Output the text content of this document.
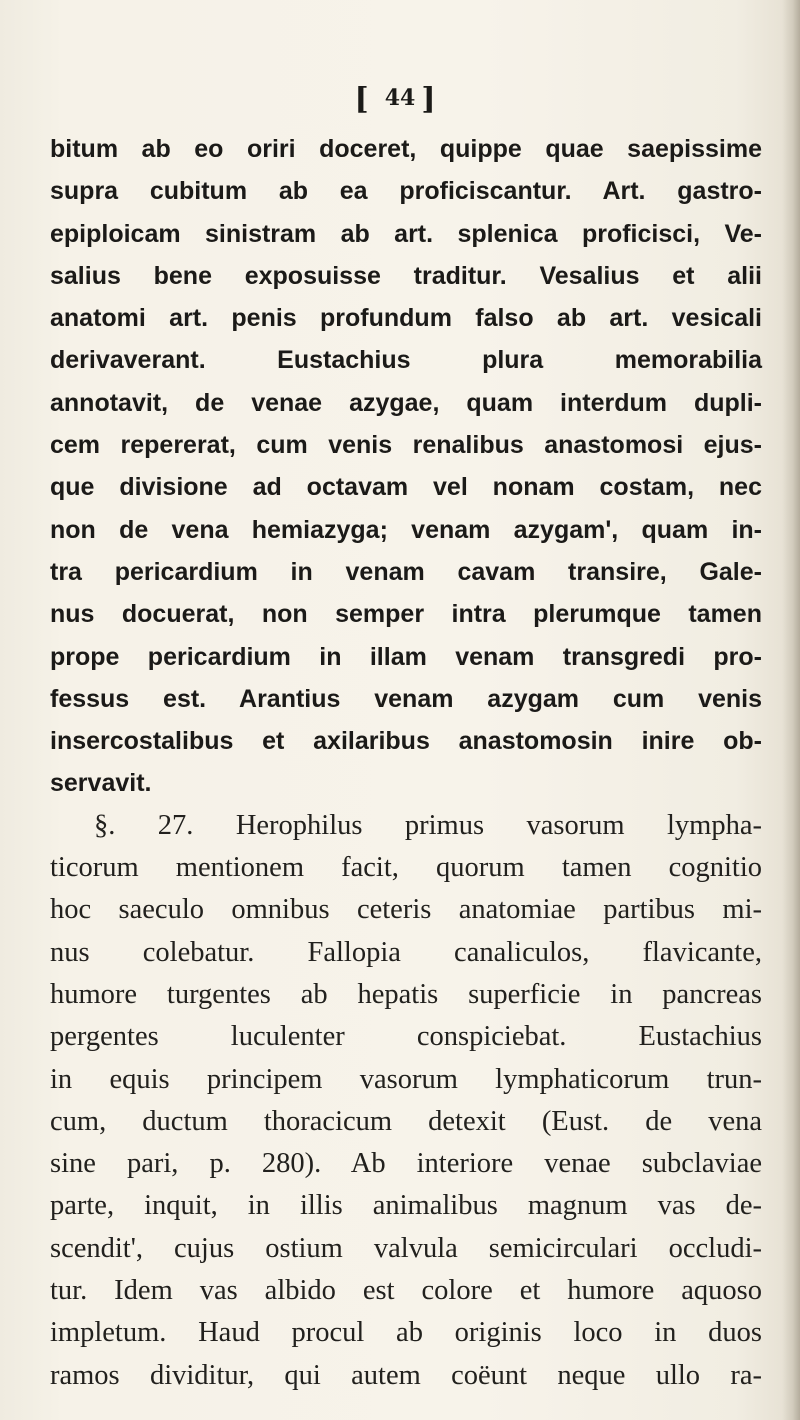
[ 44 ]
bitum ab eo oriri doceret, quippe quae saepissime
supra cubitum ab ea proficiscantur. Art. gastro-
epiploicam sinistram ab art. splenica proficisci, Ve-
salius bene exposuisse traditur. Vesalius et alii
anatomi art. penis profundum falso ab art. vesicali
derivaverant. Eustachius plura memorabilia
annotavit, de venae azygae, quam interdum dupli-
cem repererat, cum venis renalibus anastomosi ejus-
que divisione ad octavam vel nonam costam, nec
non de vena hemiazyga; venam azygam', quam in-
tra pericardium in venam cavam transire, Gale-
nus docuerat, non semper intra plerumque tamen
prope pericardium in illam venam transgredi pro-
fessus est. Arantius venam azygam cum venis
insercostalibus et axilaribus anastomosin inire ob-
servavit.
§. 27. Herophilus primus vasorum lympha-
ticorum mentionem facit, quorum tamen cognitio
hoc saeculo omnibus ceteris anatomiae partibus mi-
nus colebatur. Fallopia canaliculos, flavicante,
humore turgentes ab hepatis superficie in pancreas
pergentes luculenter conspiciebat. Eustachius
in equis principem vasorum lymphaticorum trun-
cum, ductum thoracicum detexit (Eust. de vena
sine pari, p. 280). Ab interiore venae subclaviae
parte, inquit, in illis animalibus magnum vas de-
scendit', cujus ostium valvula semicirculari occludi-
tur. Idem vas albido est colore et humore aquoso
impletum. Haud procul ab originis loco in duos
ramos dividitur, qui autem coëunt neque ullo ra-
